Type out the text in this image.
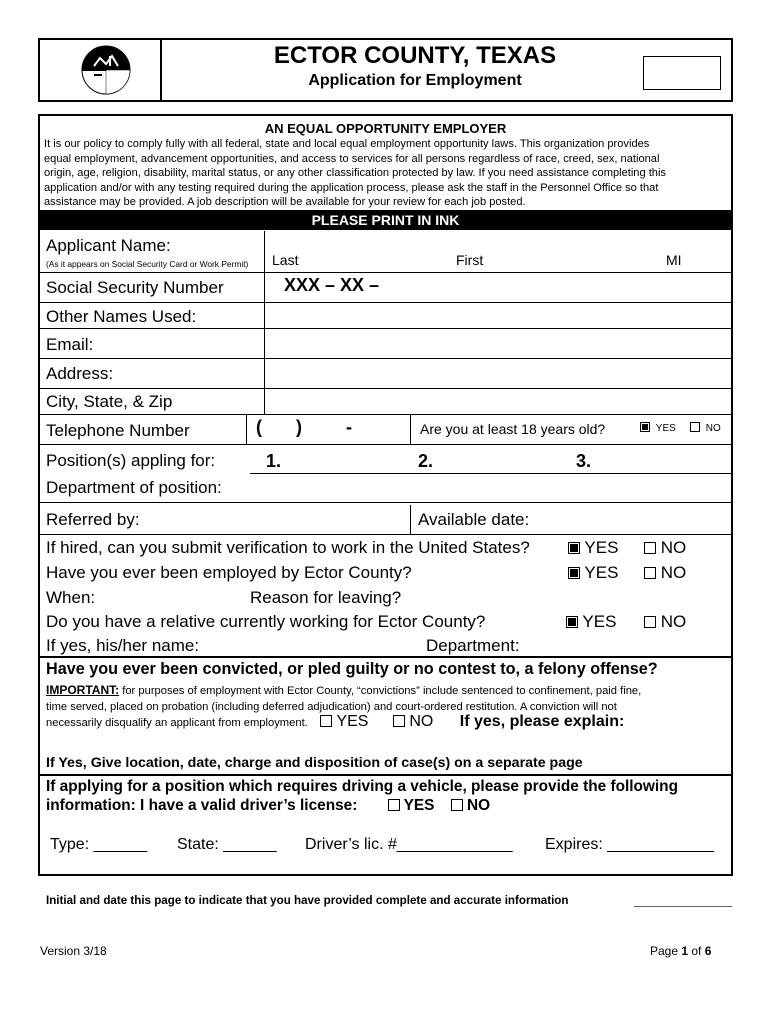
ECTOR COUNTY, TEXAS
Application for Employment
AN EQUAL OPPORTUNITY EMPLOYER
It is our policy to comply fully with all federal, state and local equal employment opportunity laws. This organization provides
equal employment, advancement opportunities, and access to services for all persons regardless of race, creed, sex, national
origin, age, religion, disability, marital status, or any other classification protected by law. If you need assistance completing this
application and/or with any testing required during the application process, please ask the staff in the Personnel Office so that
assistance may be provided. A job description will be available for your review for each job posted.
PLEASE PRINT IN INK
Applicant Name:
(As it appears on Social Security Card or Work Permit) Last	First	MI
Social Security Number	XXX – XX –
Other Names Used:
Email:
Address:
City, State, & Zip
Telephone Number	( ) -	Are you at least 18 years old?	YES	NO
Position(s) appling for:	1.	2.	3.
Department of position:
Referred by:	Available date:
If hired, can you submit verification to work in the United States?	YES	NO
Have you ever been employed by Ector County?	YES	NO
When:	Reason for leaving?
Do you have a relative currently working for Ector County?	YES	NO
If yes, his/her name:	Department:
Have you ever been convicted, or pled guilty or no contest to, a felony offense?
IMPORTANT: for purposes of employment with Ector County, “convictions” include sentenced to confinement, paid fine,
time served, placed on probation (including deferred adjudication) and court-ordered restitution. A conviction will not
necessarily disqualify an applicant from employment. YES	NO If yes, please explain:
If Yes, Give location, date, charge and disposition of case(s) on a separate page
If applying for a position which requires driving a vehicle, please provide the following
information: I have a valid driver’s license:	YES NO
Type: ______ State: ______ Driver’s lic. #_____________ Expires: ____________
Initial and date this page to indicate that you have provided complete and accurate information
Version 3/18	Page 1 of 6
